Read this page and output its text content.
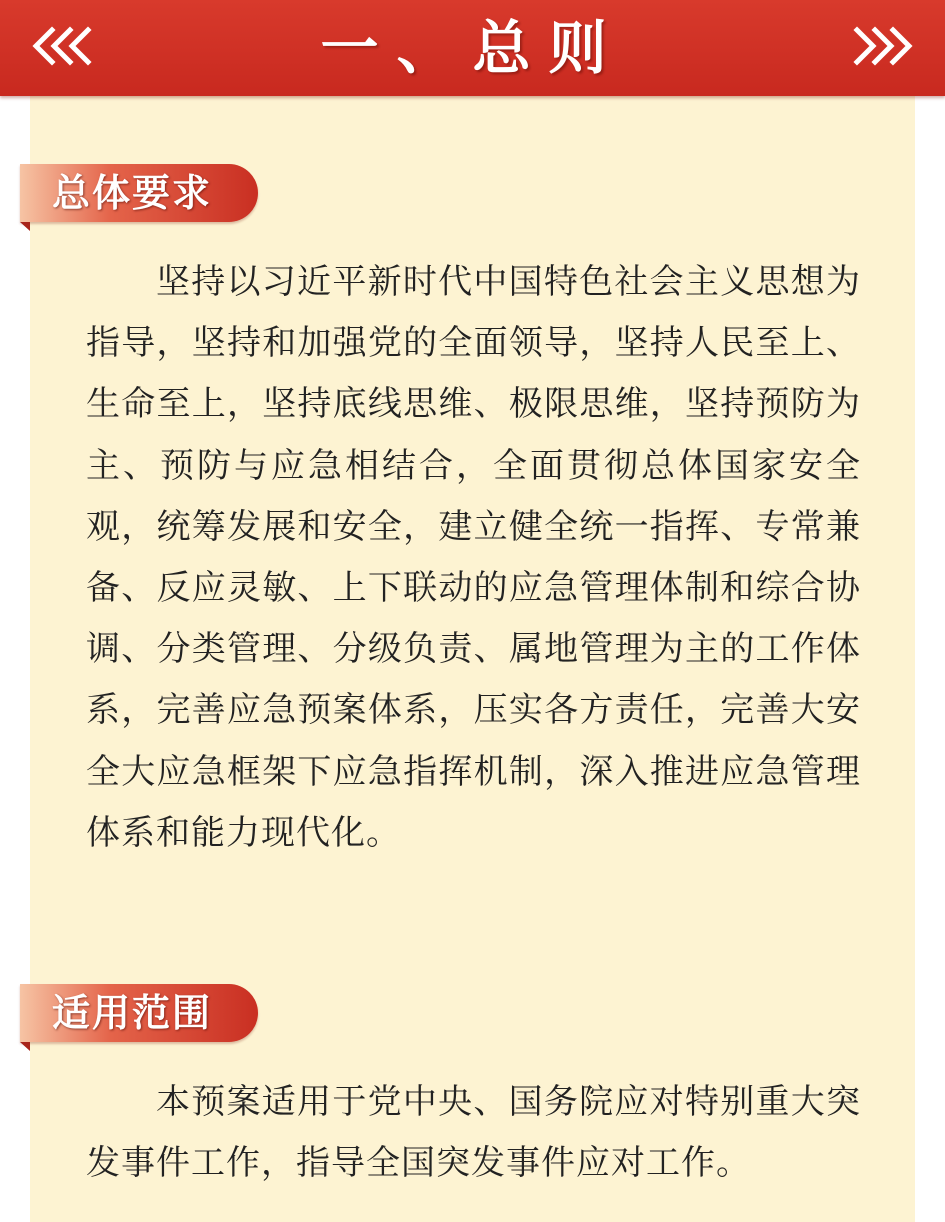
一、总则
总体要求

坚持以习近平新时代中国特色社会主义思想为指导，坚持和加强党的全面领导，坚持人民至上、生命至上，坚持底线思维、极限思维，坚持预防为主、预防与应急相结合，全面贯彻总体国家安全观，统筹发展和安全，建立健全统一指挥、专常兼备、反应灵敏、上下联动的应急管理体制和综合协调、分类管理、分级负责、属地管理为主的工作体系，完善应急预案体系，压实各方责任，完善大安全大应急框架下应急指挥机制，深入推进应急管理体系和能力现代化。

适用范围

本预案适用于党中央、国务院应对特别重大突发事件工作，指导全国突发事件应对工作。
